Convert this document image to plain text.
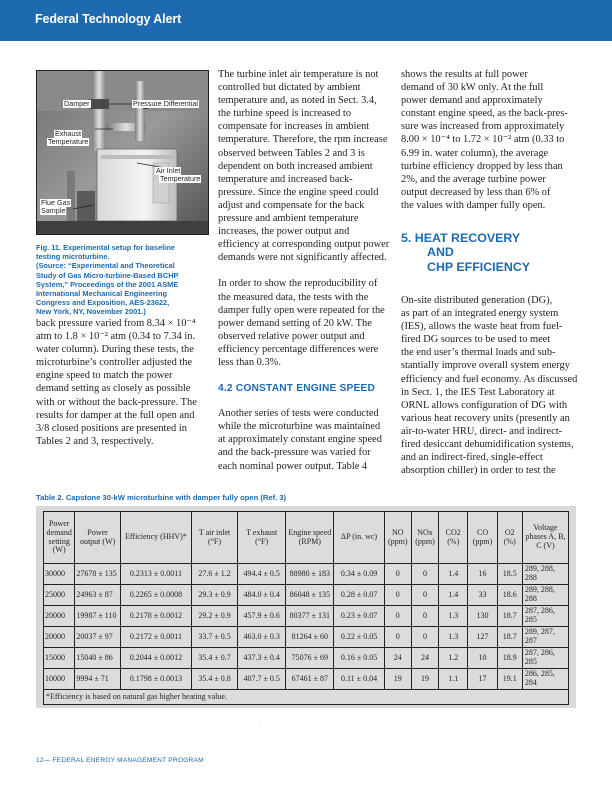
Federal Technology Alert
Damper	Pressure Differential
Exhaust
Temperature
Air Inlet
Temperature
Flue Gas
Sample
Fig. 11. Experimental setup for baseline
testing microturbine.
(Source: “Experimental and Theoretical
Study of Gas Micro-turbine-Based BCHP
System,” Proceedings of the 2001 ASME
International Mechanical Engineering
Congress and Exposition, AES-23622,
New York, NY, November 2001.)

back pressure varied from 8.34 × 10⁻⁴
atm to 1.8 × 10⁻² atm (0.34 to 7.34 in.
water column). During these tests, the
microturbine’s controller adjusted the
engine speed to match the power
demand setting as closely as possible
with or without the back-pressure. The
results for damper at the full open and
3/8 closed positions are presented in
Tables 2 and 3, respectively.

The turbine inlet air temperature is not
controlled but dictated by ambient
temperature and, as noted in Sect. 3.4,
the turbine speed is increased to
compensate for increases in ambient
temperature. Therefore, the rpm increase
observed between Tables 2 and 3 is
dependent on both increased ambient
temperature and increased back-
pressure. Since the engine speed could
adjust and compensate for the back
pressure and ambient temperature
increases, the power output and
efficiency at corresponding output power
demands were not significantly affected.

In order to show the reproducibility of
the measured data, the tests with the
damper fully open were repeated for the
power demand setting of 20 kW. The
observed relative power output and
efficiency percentage differences were
less than 0.3%.

4.2 CONSTANT ENGINE SPEED

Another series of tests were conducted
while the microturbine was maintained
at approximately constant engine speed
and the back-pressure was varied for
each nominal power output. Table 4

shows the results at full power
demand of 30 kW only. At the full
power demand and approximately
constant engine speed, as the back-pres-
sure was increased from approximately
8.00 × 10⁻⁴ to 1.72 × 10⁻² atm (0.33 to
6.99 in. water column), the average
turbine efficiency dropped by less than
2%, and the average turbine power
output decreased by less than 6% of
the values with damper fully open.

5. HEAT RECOVERY
AND
CHP EFFICIENCY

On-site distributed generation (DG),
as part of an integrated energy system
(IES), allows the waste heat from fuel-
fired DG sources to be used to meet
the end user’s thermal loads and sub-
stantially improve overall system energy
efficiency and fuel economy. As discussed
in Sect. 1, the IES Test Laboratory at
ORNL allows configuration of DG with
various heat recovery units (presently an
air-to-water HRU, direct- and indirect-
fired desiccant dehumidification systems,
and an indirect-fired, single-effect
absorption chiller) in order to test the

Table 2. Capstone 30-kW microturbine with damper fully open (Ref. 3)
Power demand setting (W)	Power output (W)	Efficiency (HHV)*	T air inlet (°F)	T exhaust (°F)	Engine speed (RPM)	ΔP (in. wc)	NO (ppm)	NOx (ppm)	CO2 (%)	CO (ppm)	O2 (%)	Voltage phases A, B, C (V)
30000	27678 ± 135	0.2313 ± 0.0011	27.6 ± 1.2	494.4 ± 0.5	88980 ± 183	0.34 ± 0.09	0	0	1.4	16	18.5	289, 288, 288
25000	24963 ± 87	0.2265 ± 0.0008	29.3 ± 0.9	484.0 ± 0.4	86048 ± 135	0.28 ± 0.07	0	0	1.4	33	18.6	289, 288, 288
20000	19987 ± 110	0.2178 ± 0.0012	29.2 ± 0.9	457.9 ± 0.6	80377 ± 131	0.23 ± 0.07	0	0	1.3	130	18.7	287, 286, 285
20000	20037 ± 97	0.2172 ± 0.0011	33.7 ± 0.5	463.0 ± 0.3	81264 ± 60	0.22 ± 0.05	0	0	1.3	127	18.7	289, 287, 287
15000	15040 ± 86	0.2044 ± 0.0012	35.4 ± 0.7	437.3 ± 0.4	75076 ± 69	0.16 ± 0.05	24	24	1.2	10	18.9	287, 286, 285
10000	9994 ± 71	0.1798 ± 0.0013	35.4 ± 0.8	407.7 ± 0.5	67461 ± 87	0.11 ± 0.04	19	19	1.1	17	19.1	286, 285, 284
*Efficiency is based on natural gas higher heating value.												
.
12— FEDERAL ENERGY MANAGEMENT PROGRAM
